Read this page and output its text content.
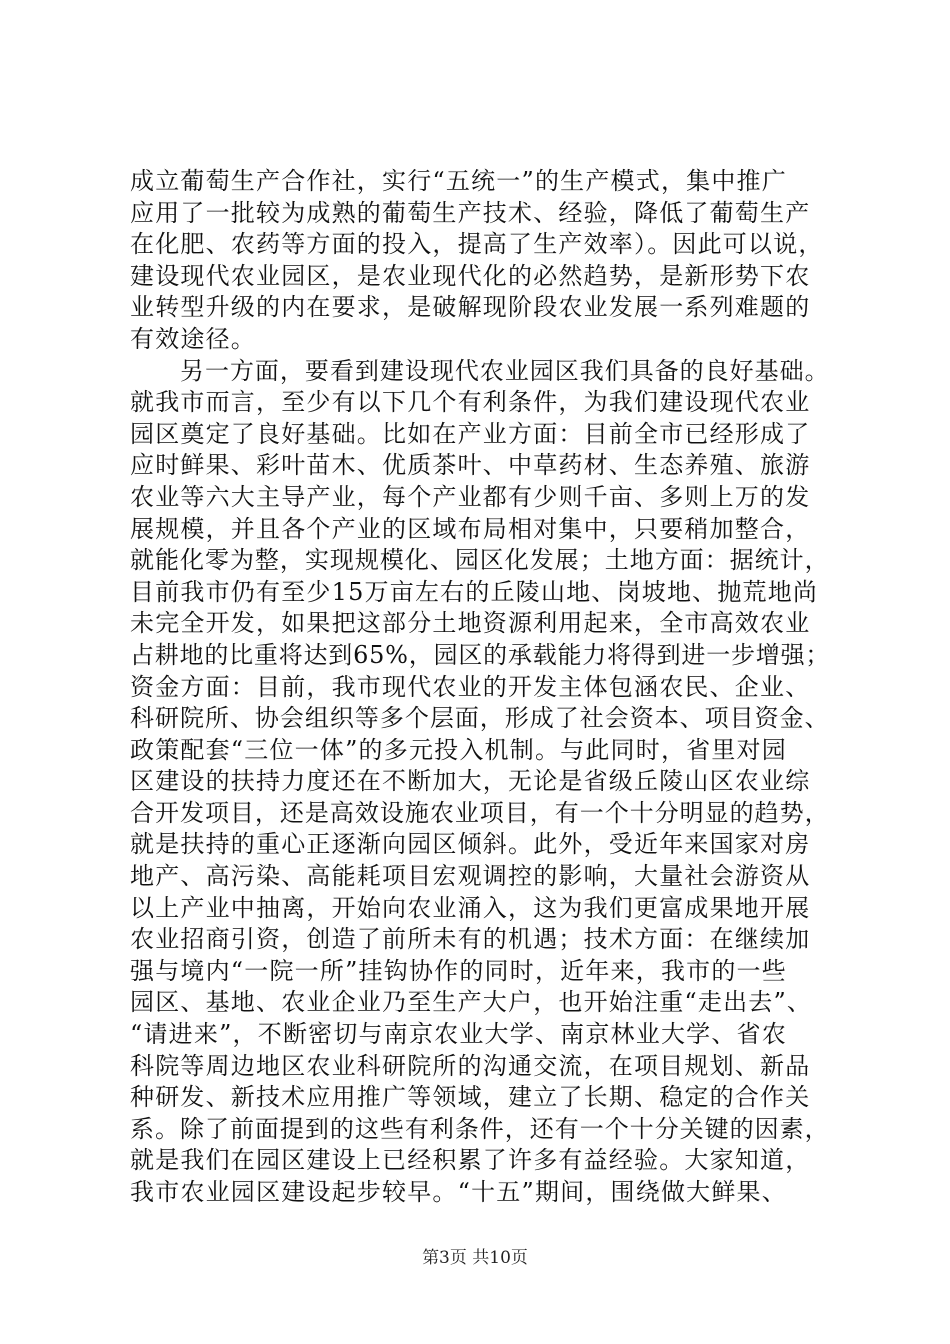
成立葡萄生产合作社，实行“五统一”的生产模式，集中推广
应用了一批较为成熟的葡萄生产技术、经验，降低了葡萄生产
在化肥、农药等方面的投入，提高了生产效率）。因此可以说，
建设现代农业园区，是农业现代化的必然趋势，是新形势下农
业转型升级的内在要求，是破解现阶段农业发展一系列难题的
有效途径。
　　另一方面，要看到建设现代农业园区我们具备的良好基础。
就我市而言，至少有以下几个有利条件，为我们建设现代农业
园区奠定了良好基础。比如在产业方面：目前全市已经形成了
应时鲜果、彩叶苗木、优质茶叶、中草药材、生态养殖、旅游
农业等六大主导产业，每个产业都有少则千亩、多则上万的发
展规模，并且各个产业的区域布局相对集中，只要稍加整合，
就能化零为整，实现规模化、园区化发展；土地方面：据统计，
目前我市仍有至少15万亩左右的丘陵山地、岗坡地、抛荒地尚
未完全开发，如果把这部分土地资源利用起来，全市高效农业
占耕地的比重将达到65%，园区的承载能力将得到进一步增强；
资金方面：目前，我市现代农业的开发主体包涵农民、企业、
科研院所、协会组织等多个层面，形成了社会资本、项目资金、
政策配套“三位一体”的多元投入机制。与此同时，省里对园
区建设的扶持力度还在不断加大，无论是省级丘陵山区农业综
合开发项目，还是高效设施农业项目，有一个十分明显的趋势，
就是扶持的重心正逐渐向园区倾斜。此外，受近年来国家对房
地产、高污染、高能耗项目宏观调控的影响，大量社会游资从
以上产业中抽离，开始向农业涌入，这为我们更富成果地开展
农业招商引资，创造了前所未有的机遇；技术方面：在继续加
强与境内“一院一所”挂钩协作的同时，近年来，我市的一些
园区、基地、农业企业乃至生产大户，也开始注重“走出去”、
“请进来”，不断密切与南京农业大学、南京林业大学、省农
科院等周边地区农业科研院所的沟通交流，在项目规划、新品
种研发、新技术应用推广等领域，建立了长期、稳定的合作关
系。除了前面提到的这些有利条件，还有一个十分关键的因素，
就是我们在园区建设上已经积累了许多有益经验。大家知道，
我市农业园区建设起步较早。“十五”期间，围绕做大鲜果、
第3页 共10页
